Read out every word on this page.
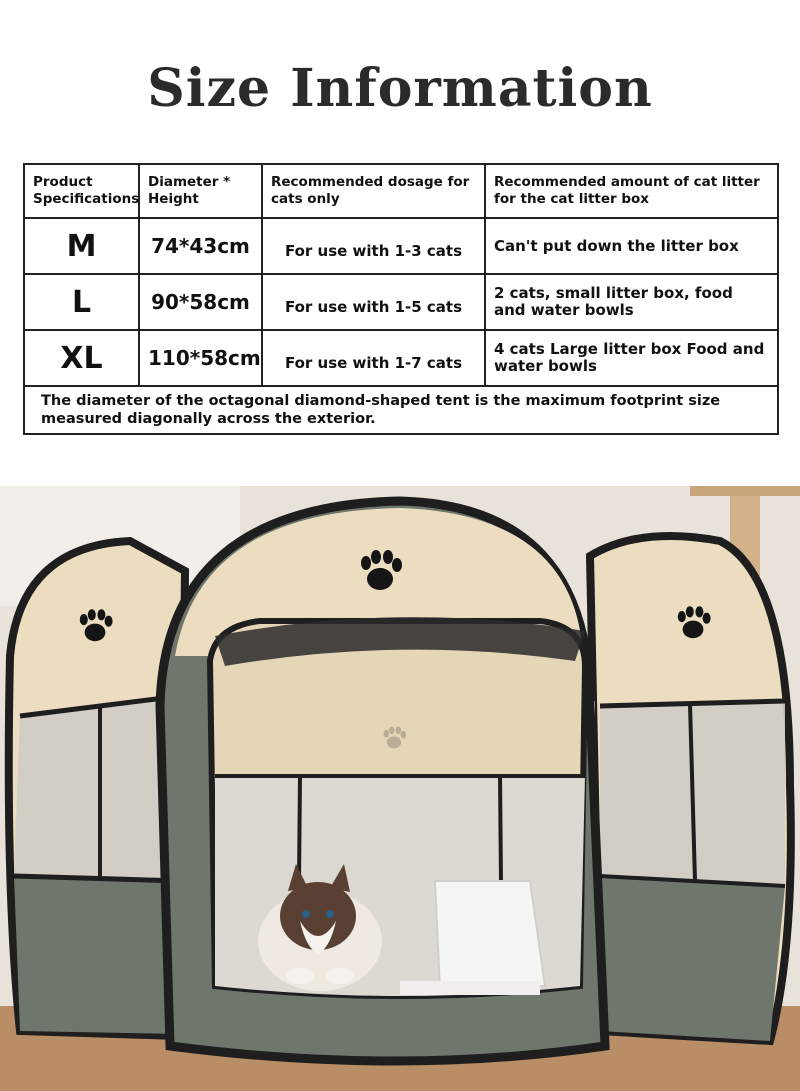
Size Information
Product Specifications	Diameter * Height	Recommended dosage for cats only	Recommended amount of cat litter for the cat litter box
M	74*43cm	For use with 1-3 cats	Can't put down the litter box
L	90*58cm	For use with 1-5 cats	2 cats, small litter box, food and water bowls
XL	110*58cm	For use with 1-7 cats	4 cats Large litter box Food and water bowls
The diameter of the octagonal diamond-shaped tent is the maximum footprint size measured diagonally across the exterior.			
